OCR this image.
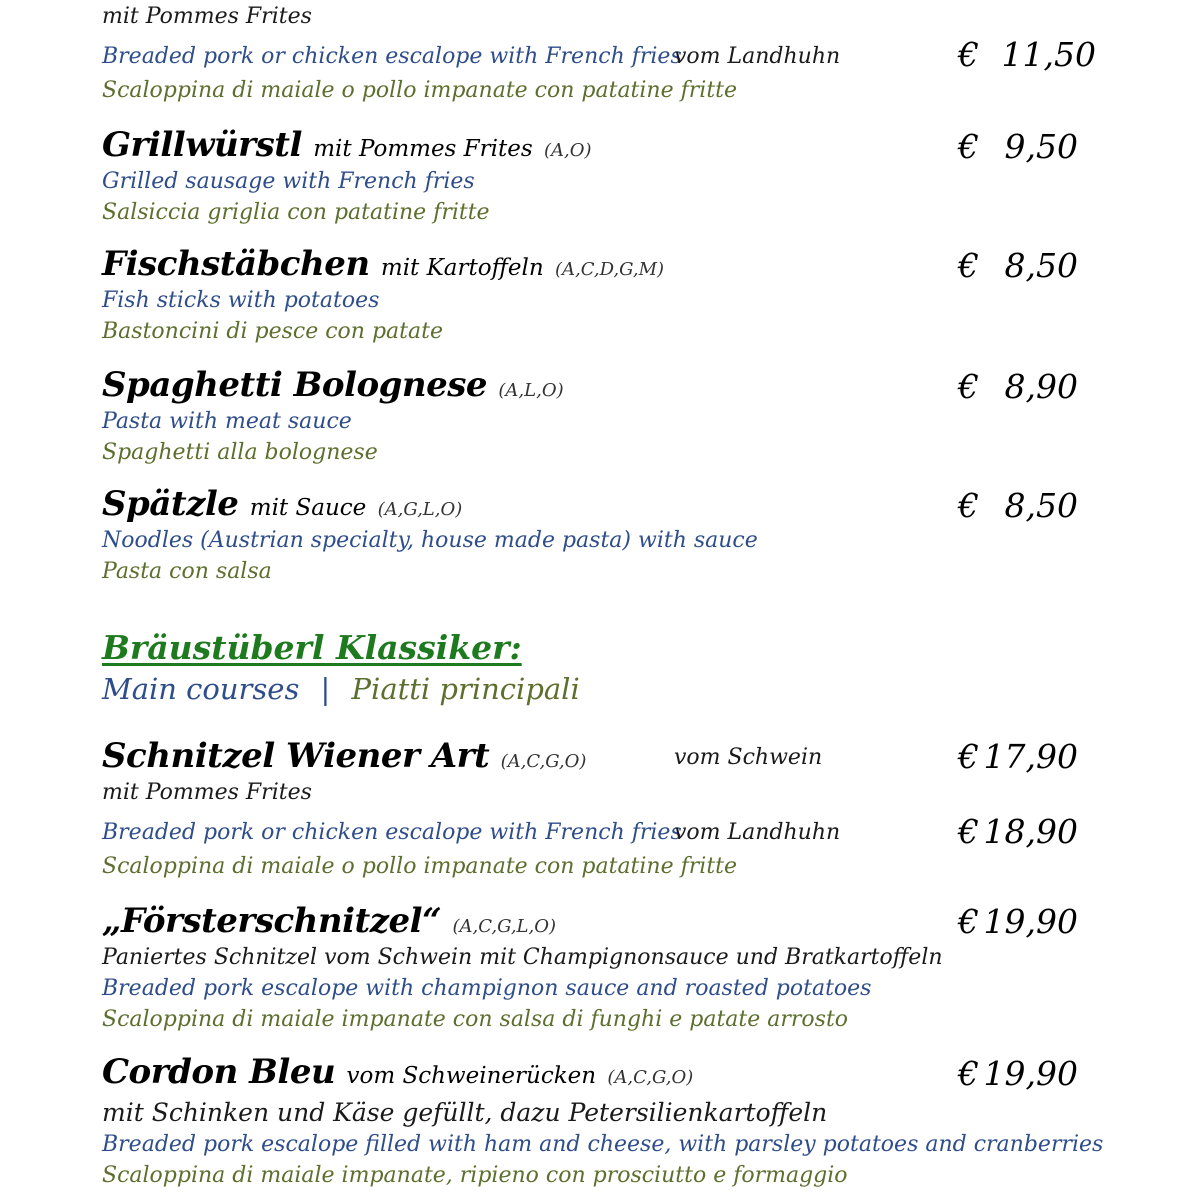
mit Pommes Frites
Breaded pork or chicken escalope with French fries
vom Landhuhn	€ 11,50
Scaloppina di maiale o pollo impanate con patatine fritte
Grillwürstl mit Pommes Frites (A,O)	€ 9,50
Grilled sausage with French fries
Salsiccia griglia con patatine fritte
Fischstäbchen mit Kartoffeln (A,C,D,G,M)	€ 8,50
Fish sticks with potatoes
Bastoncini di pesce con patate
Spaghetti Bolognese (A,L,O)	€ 8,90
Pasta with meat sauce
Spaghetti alla bolognese
Spätzle mit Sauce (A,G,L,O)	€ 8,50
Noodles (Austrian specialty, house made pasta) with sauce
Pasta con salsa
Bräustüberl Klassiker:
Main courses | Piatti principali
Schnitzel Wiener Art (A,C,G,O)	vom Schwein	€ 17,90
mit Pommes Frites
Breaded pork or chicken escalope with French fries
vom Landhuhn	€ 18,90
Scaloppina di maiale o pollo impanate con patatine fritte
„Försterschnitzel“ (A,C,G,L,O)	€ 19,90
Paniertes Schnitzel vom Schwein mit Champignonsauce und Bratkartoffeln
Breaded pork escalope with champignon sauce and roasted potatoes
Scaloppina di maiale impanate con salsa di funghi e patate arrosto
Cordon Bleu vom Schweinerücken (A,C,G,O)	€ 19,90
mit Schinken und Käse gefüllt, dazu Petersilienkartoffeln
Breaded pork escalope filled with ham and cheese, with parsley potatoes and cranberries
Scaloppina di maiale impanate, ripieno con prosciutto e formaggio
